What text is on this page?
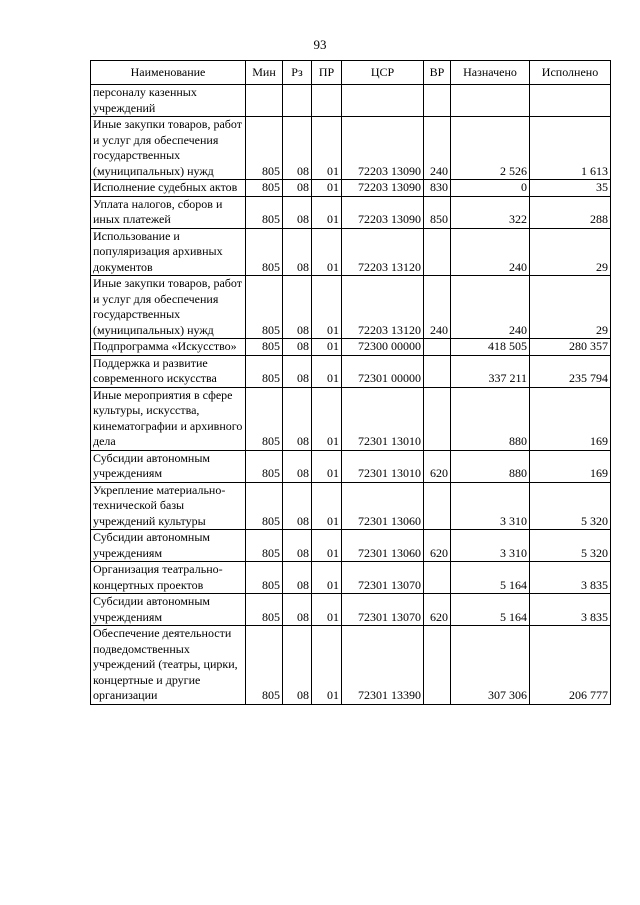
93
Наименование	Мин	Рз	ПР	ЦСР	ВР	Назначено	Исполнено
персоналу казенных учреждений							
Иные закупки товаров, работ и услуг для обеспечения государственных (муниципальных) нужд	805	08	01	72203 13090	240	2 526	1 613
Исполнение судебных актов	805	08	01	72203 13090	830	0	35
Уплата налогов, сборов и иных платежей	805	08	01	72203 13090	850	322	288
Использование и популяризация архивных документов	805	08	01	72203 13120		240	29
Иные закупки товаров, работ и услуг для обеспечения государственных (муниципальных) нужд	805	08	01	72203 13120	240	240	29
Подпрограмма «Искусство»	805	08	01	72300 00000		418 505	280 357
Поддержка и развитие современного искусства	805	08	01	72301 00000		337 211	235 794
Иные мероприятия в сфере культуры, искусства, кинематографии и архивного дела	805	08	01	72301 13010		880	169
Субсидии автономным учреждениям	805	08	01	72301 13010	620	880	169
Укрепление материально-технической базы учреждений культуры	805	08	01	72301 13060		3 310	5 320
Субсидии автономным учреждениям	805	08	01	72301 13060	620	3 310	5 320
Организация театрально-концертных проектов	805	08	01	72301 13070		5 164	3 835
Субсидии автономным учреждениям	805	08	01	72301 13070	620	5 164	3 835
Обеспечение деятельности подведомственных учреждений (театры, цирки, концертные и другие организации	805	08	01	72301 13390		307 306	206 777
